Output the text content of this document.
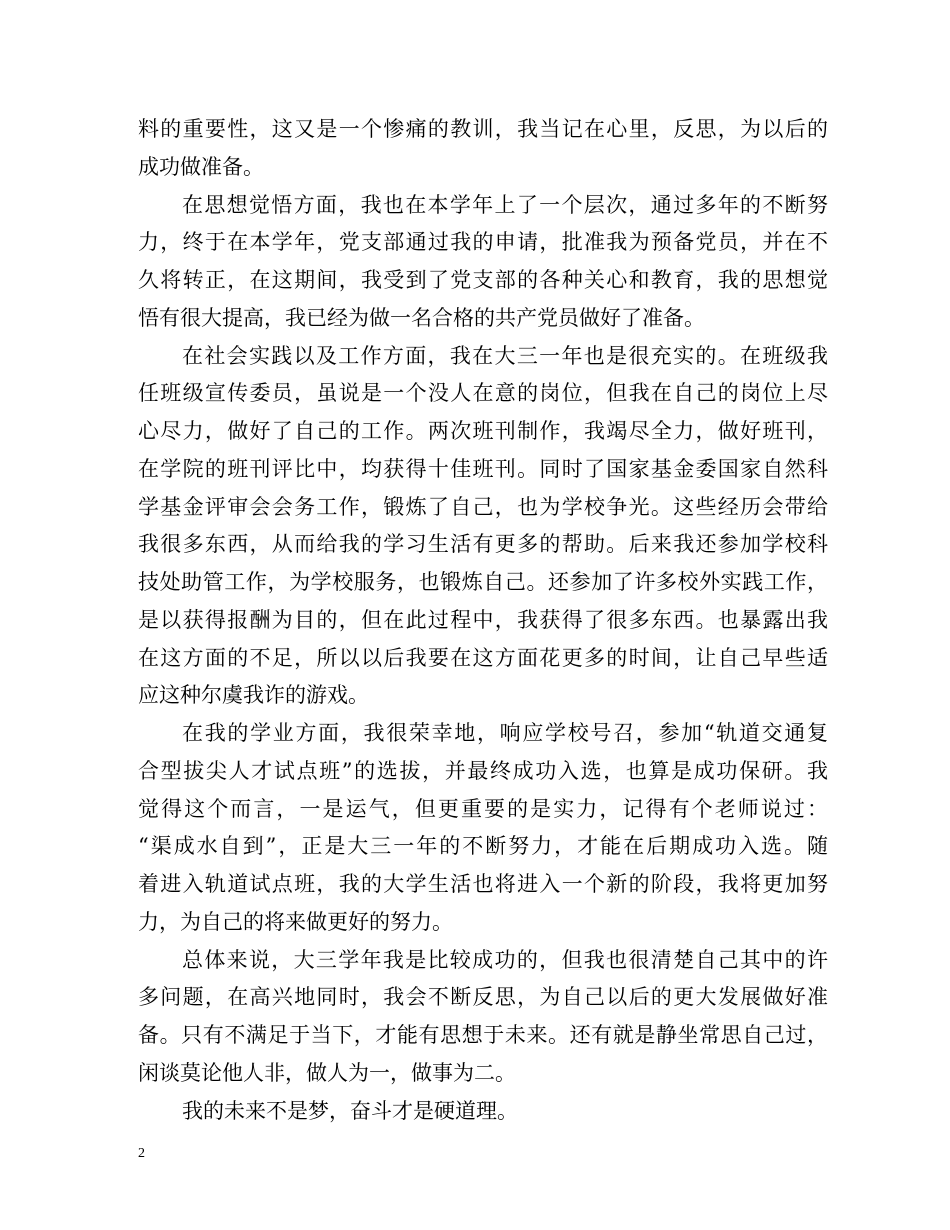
料的重要性，这又是一个惨痛的教训，我当记在心里，反思，为以后的
成功做准备。
在思想觉悟方面，我也在本学年上了一个层次，通过多年的不断努
力，终于在本学年，党支部通过我的申请，批准我为预备党员，并在不
久将转正，在这期间，我受到了党支部的各种关心和教育，我的思想觉
悟有很大提高，我已经为做一名合格的共产党员做好了准备。
在社会实践以及工作方面，我在大三一年也是很充实的。在班级我
任班级宣传委员，虽说是一个没人在意的岗位，但我在自己的岗位上尽
心尽力，做好了自己的工作。两次班刊制作，我竭尽全力，做好班刊，
在学院的班刊评比中，均获得十佳班刊。同时了国家基金委国家自然科
学基金评审会会务工作，锻炼了自己，也为学校争光。这些经历会带给
我很多东西，从而给我的学习生活有更多的帮助。后来我还参加学校科
技处助管工作，为学校服务，也锻炼自己。还参加了许多校外实践工作，
是以获得报酬为目的，但在此过程中，我获得了很多东西。也暴露出我
在这方面的不足，所以以后我要在这方面花更多的时间，让自己早些适
应这种尔虞我诈的游戏。
在我的学业方面，我很荣幸地，响应学校号召，参加“轨道交通复
合型拔尖人才试点班”的选拔，并最终成功入选，也算是成功保研。我
觉得这个而言，一是运气，但更重要的是实力，记得有个老师说过：
“渠成水自到”，正是大三一年的不断努力，才能在后期成功入选。随
着进入轨道试点班，我的大学生活也将进入一个新的阶段，我将更加努
力，为自己的将来做更好的努力。
总体来说，大三学年我是比较成功的，但我也很清楚自己其中的许
多问题，在高兴地同时，我会不断反思，为自己以后的更大发展做好准
备。只有不满足于当下，才能有思想于未来。还有就是静坐常思自己过，
闲谈莫论他人非，做人为一，做事为二。
我的未来不是梦，奋斗才是硬道理。
2
